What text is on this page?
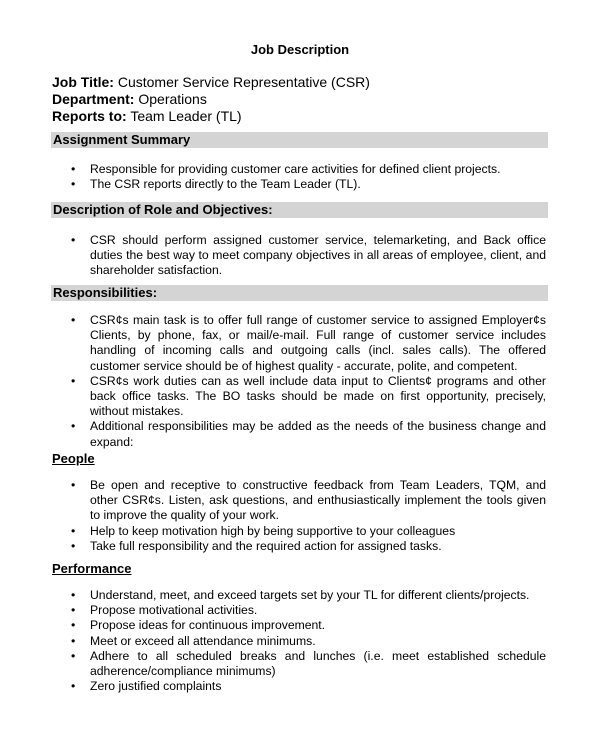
Job Description
Job Title: Customer Service Representative (CSR)
Department: Operations
Reports to: Team Leader (TL)
Assignment Summary
• Responsible for providing customer care activities for defined client projects.
• The CSR reports directly to the Team Leader (TL).
Description of Role and Objectives:
• CSR should perform assigned customer service, telemarketing, and Back office duties the best way to meet company objectives in all areas of employee, client, and shareholder satisfaction.
Responsibilities:
• CSR¢s main task is to offer full range of customer service to assigned Employer¢s Clients, by phone, fax, or mail/e-mail. Full range of customer service includes handling of incoming calls and outgoing calls (incl. sales calls). The offered customer service should be of highest quality - accurate, polite, and competent.
• CSR¢s work duties can as well include data input to Clients¢ programs and other back office tasks. The BO tasks should be made on first opportunity, precisely, without mistakes.
• Additional responsibilities may be added as the needs of the business change and expand:
People
• Be open and receptive to constructive feedback from Team Leaders, TQM, and other CSR¢s. Listen, ask questions, and enthusiastically implement the tools given to improve the quality of your work.
• Help to keep motivation high by being supportive to your colleagues
• Take full responsibility and the required action for assigned tasks.
Performance
• Understand, meet, and exceed targets set by your TL for different clients/projects.
• Propose motivational activities.
• Propose ideas for continuous improvement.
• Meet or exceed all attendance minimums.
• Adhere to all scheduled breaks and lunches (i.e. meet established schedule adherence/compliance minimums)
• Zero justified complaints
